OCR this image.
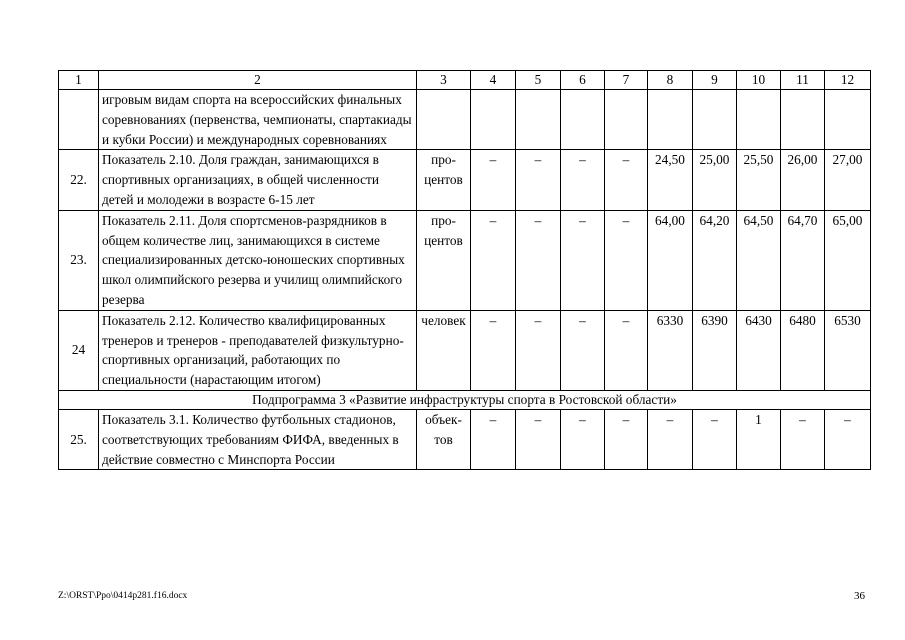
1	2	3	4	5	6	7	8	9	10	11	12
	игровым видам спорта на всероссийских финальных соревнованиях (первенства, чемпионаты, спартакиады и кубки России) и международных соревнованиях										
22.	Показатель 2.10. Доля граждан, занимающихся в спортивных организациях, в общей численности детей и молодежи в возрасте 6-15 лет	про-центов	–	–	–	–	24,50	25,00	25,50	26,00	27,00
23.	Показатель 2.11. Доля спортсменов-разрядников в общем количестве лиц, занимающихся в системе специализированных детско-юношеских спортивных школ олимпийского резерва и училищ олимпийского резерва	про-центов	–	–	–	–	64,00	64,20	64,50	64,70	65,00
24	Показатель 2.12. Количество квалифицированных тренеров и тренеров - преподавателей физкультурно-спортивных организаций, работающих по специальности (нарастающим итогом)	человек	–	–	–	–	6330	6390	6430	6480	6530
Подпрограмма 3 «Развитие инфраструктуры спорта в Ростовской области»											
25.	Показатель 3.1. Количество футбольных стадионов, соответствующих требованиям ФИФА, введенных в действие совместно с Минспорта России	объек-тов	–	–	–	–	–	–	1	–	–
Z:\ORST\Ppo\0414p281.f16.docx	36
